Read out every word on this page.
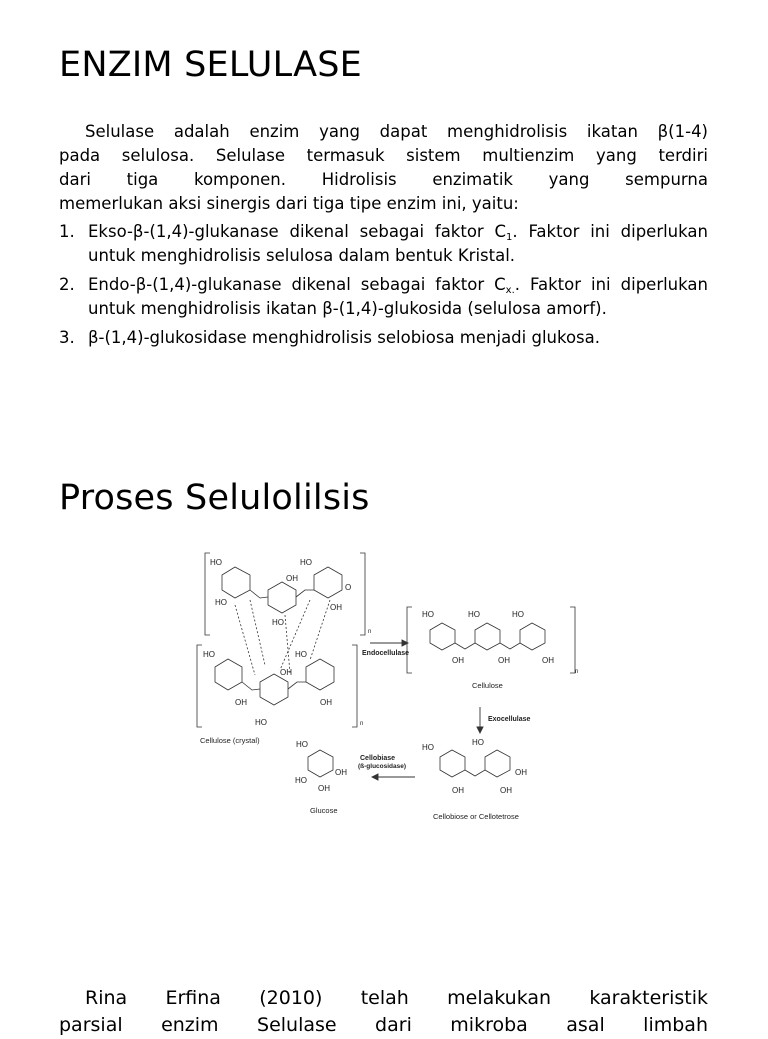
ENZIM SELULASE

Selulase adalah enzim yang dapat menghidrolisis ikatan β(1-4)

pada selulosa. Selulase termasuk sistem multienzim yang terdiri

dari tiga komponen. Hidrolisis enzimatik yang sempurna

memerlukan aksi sinergis dari tiga tipe enzim ini, yaitu:

1. Ekso-β-(1,4)-glukanase dikenal sebagai faktor $C_1$. Faktor ini diperlukan untuk menghidrolisis selulosa dalam bentuk Kristal.
2. Endo-β-(1,4)-glukanase dikenal sebagai faktor $C_{x.}$. Faktor ini diperlukan untuk menghidrolisis ikatan β-(1,4)-glukosida (selulosa amorf).
3. β-(1,4)-glukosidase menghidrolisis selobiosa menjadi glukosa.
Proses Selulolilsis
HO	HO
OH
HO
OH
HO
O
HO	HO
OH
OH	OH
HO	n
n
HO	HO	HO
OH	OH	OH
n
HO
HO
OH	OH
OH
HO
HO
OH
OH
Cellulose (crystal)
Endocellulase
Cellulose
Exocellulase
Cellobiase
(ß-glucosidase)
Glucose
Cellobiose or Cellotetrose

Rina Erfina (2010) telah melakukan karakteristik

parsial enzim Selulase dari mikroba asal limbah
